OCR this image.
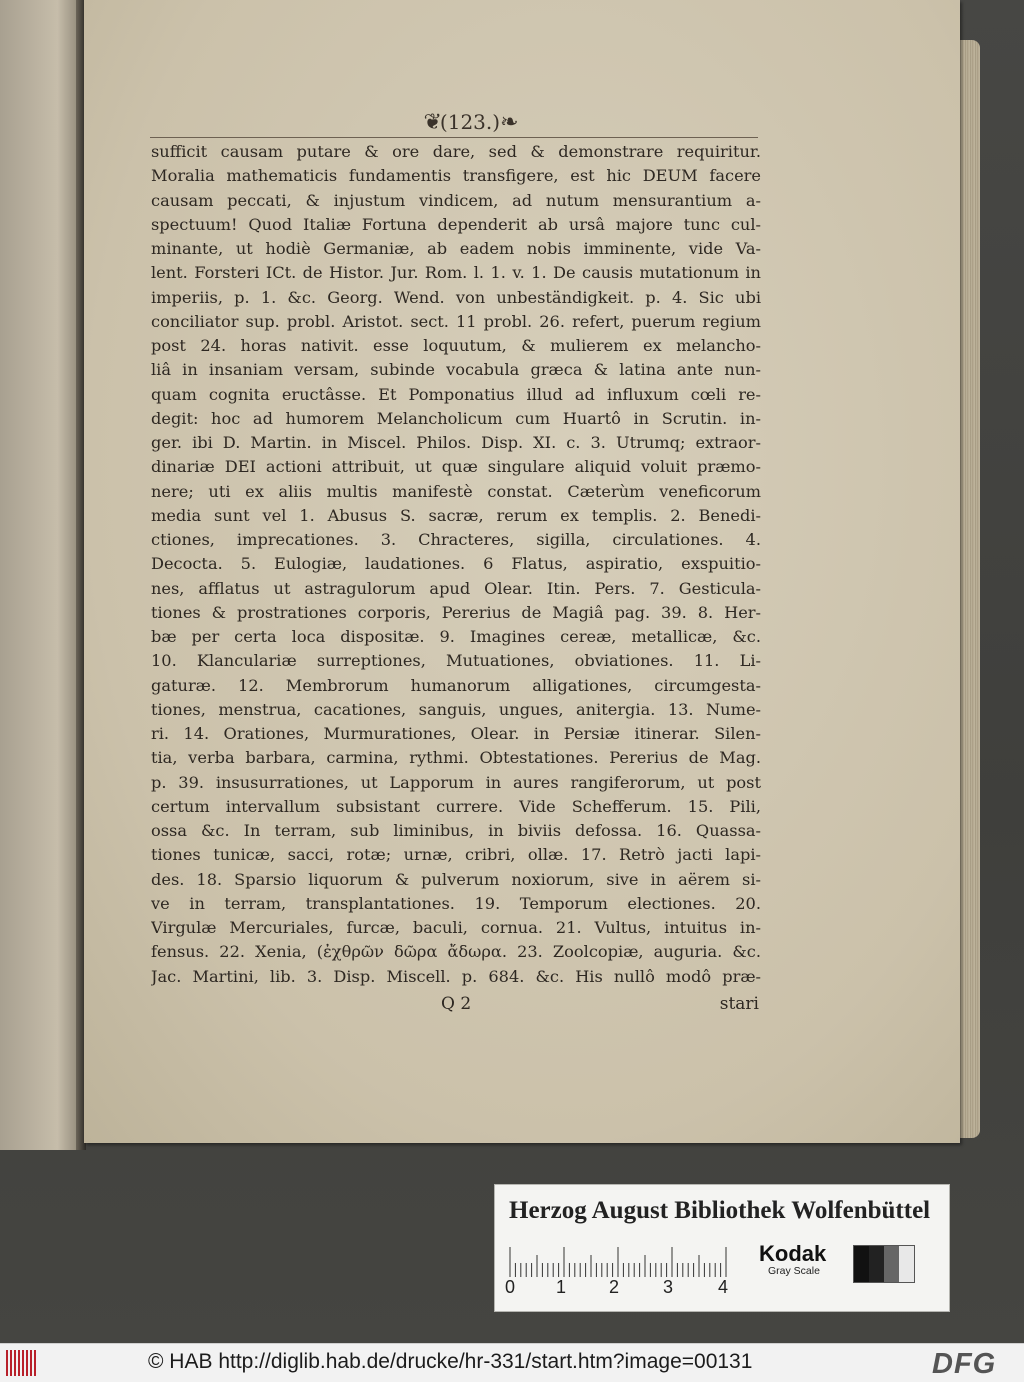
❦ (123.) ❧
sufficit causam putare & ore dare, sed & demonstrare requiritur.
Moralia mathematicis fundamentis transfigere, est hic DEUM facere
causam peccati, & injustum vindicem, ad nutum mensurantium a-
spectuum! Quod Italiæ Fortuna dependerit ab ursâ majore tunc cul-
minante, ut hodiè Germaniæ, ab eadem nobis imminente, vide Va-
lent. Forsteri ICt. de Histor. Jur. Rom. l. 1. v. 1. De causis mutationum in
imperiis, p. 1. &c. Georg. Wend. von unbeständigkeit. p. 4. Sic ubi
conciliator sup. probl. Aristot. sect. 11 probl. 26. refert, puerum regium
post 24. horas nativit. esse loquutum, & mulierem ex melancho-
liâ in insaniam versam, subinde vocabula græca & latina ante nun-
quam cognita eructâsse. Et Pomponatius illud ad influxum cœli re-
degit: hoc ad humorem Melancholicum cum Huartô in Scrutin. in-
ger. ibi D. Martin. in Miscel. Philos. Disp. XI. c. 3. Utrumq; extraor-
dinariæ DEI actioni attribuit, ut quæ singulare aliquid voluit præmo-
nere; uti ex aliis multis manifestè constat. Cæterùm veneficorum
media sunt vel 1. Abusus S. sacræ, rerum ex templis. 2. Benedi-
ctiones, imprecationes. 3. Chracteres, sigilla, circulationes. 4.
Decocta. 5. Eulogiæ, laudationes. 6 Flatus, aspiratio, exspuitio-
nes, afflatus ut astragulorum apud Olear. Itin. Pers. 7. Gesticula-
tiones & prostrationes corporis, Pererius de Magiâ pag. 39. 8. Her-
bæ per certa loca dispositæ. 9. Imagines cereæ, metallicæ, &c.
10. Klanculariæ surreptiones, Mutuationes, obviationes. 11. Li-
gaturæ. 12. Membrorum humanorum alligationes, circumgesta-
tiones, menstrua, cacationes, sanguis, ungues, anitergia. 13. Nume-
ri. 14. Orationes, Murmurationes, Olear. in Persiæ itinerar. Silen-
tia, verba barbara, carmina, rythmi. Obtestationes. Pererius de Mag.
p. 39. insusurrationes, ut Lapporum in aures rangiferorum, ut post
certum intervallum subsistant currere. Vide Schefferum. 15. Pili,
ossa &c. In terram, sub liminibus, in biviis defossa. 16. Quassa-
tiones tunicæ, sacci, rotæ; urnæ, cribri, ollæ. 17. Retrò jacti lapi-
des. 18. Sparsio liquorum & pulverum noxiorum, sive in aërem si-
ve in terram, transplantationes. 19. Temporum electiones. 20.
Virgulæ Mercuriales, furcæ, baculi, cornua. 21. Vultus, intuitus in-
fensus. 22. Xenia, (ἐχθρῶν δῶρα ἄδωρα. 23. Zoolcopiæ, auguria. &c.
Jac. Martini, lib. 3. Disp. Miscell. p. 684. &c. His nullô modô præ-
Q 2	stari
Herzog August Bibliothek Wolfenbüttel
0 1 2 3 4
Kodak
Gray Scale
© HAB http://diglib.hab.de/drucke/hr-331/start.htm?image=00131	DFG
